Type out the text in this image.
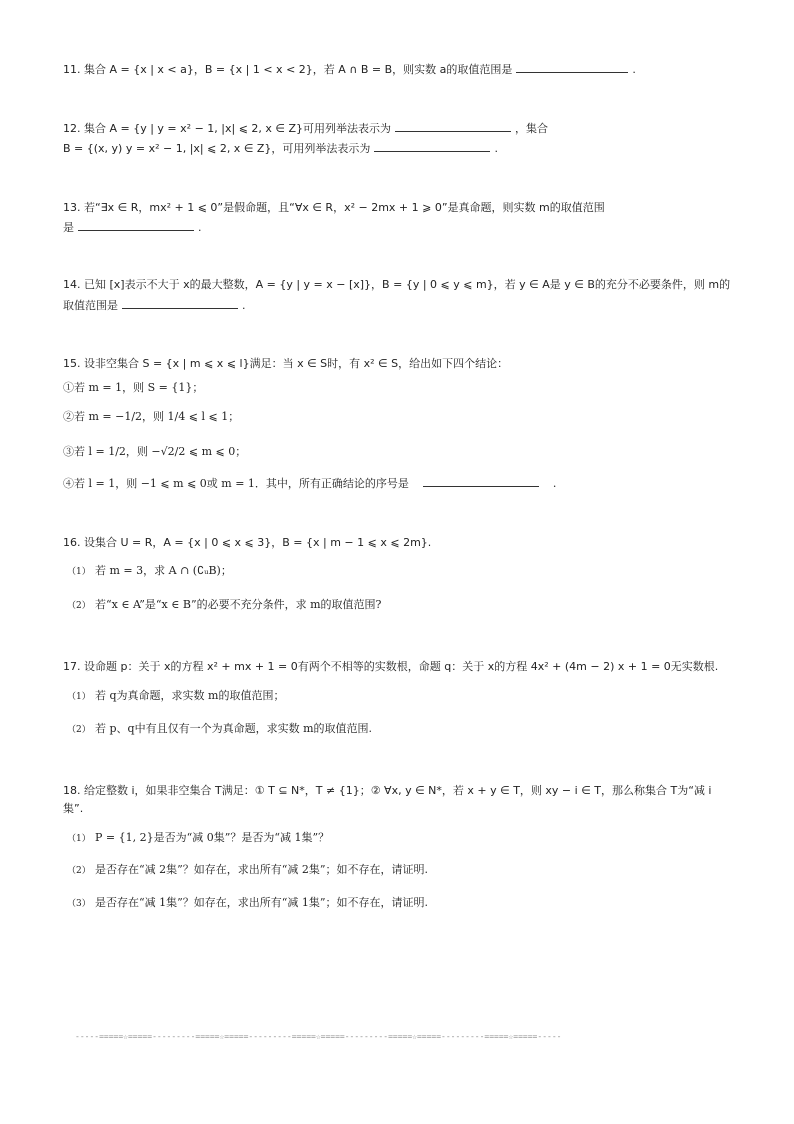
11. 集合 A = {x | x < a}，B = {x | 1 < x < 2}，若 A ∩ B = B，则实数 a的取值范围是	.
12. 集合 A = {y | y = x² − 1, |x| ⩽ 2, x ∈ Z}可用列举法表示为	，集合
B = {(x, y) y = x² − 1, |x| ⩽ 2, x ∈ Z}，可用列举法表示为	.
13. 若“∃x ∈ R，mx² + 1 ⩽ 0”是假命题，且“∀x ∈ R，x² − 2mx + 1 ⩾ 0”是真命题，则实数 m的取值范围
是	.
14. 已知 [x]表示不大于 x的最大整数，A = {y | y = x − [x]}，B = {y | 0 ⩽ y ⩽ m}，若 y ∈ A是 y ∈ B的充分不必要条件，则 m的
取值范围是	.
15. 设非空集合 S = {x | m ⩽ x ⩽ l}满足：当 x ∈ S时，有 x² ∈ S，给出如下四个结论：
①若 m = 1，则 S = {1}；
②若 m = −1/2，则 1/4 ⩽ l ⩽ 1；
③若 l = 1/2，则 −√2/2 ⩽ m ⩽ 0；
④若 l = 1，则 −1 ⩽ m ⩽ 0或 m = 1．其中，所有正确结论的序号是	.
16. 设集合 U = R，A = {x | 0 ⩽ x ⩽ 3}，B = {x | m − 1 ⩽ x ⩽ 2m}.
（1） 若 m = 3，求 A ∩ (∁ᵤB)；
（2） 若“x ∈ A”是“x ∈ B”的必要不充分条件，求 m的取值范围?
17. 设命题 p：关于 x的方程 x² + mx + 1 = 0有两个不相等的实数根，命题 q：关于 x的方程 4x² + (4m − 2) x + 1 = 0无实数根.
（1） 若 q为真命题，求实数 m的取值范围；
（2） 若 p、q中有且仅有一个为真命题，求实数 m的取值范围.
18. 给定整数 i，如果非空集合 T满足：① T ⊆ N*，T ≠ {1}；② ∀x, y ∈ N*，若 x + y ∈ T，则 xy − i ∈ T，那么称集合 T为“减 i
集”.
（1） P = {1, 2}是否为“减 0集”？是否为“减 1集”？
（2） 是否存在“减 2集”？如存在，求出所有“减 2集”；如不存在，请证明.
（3） 是否存在“减 1集”？如存在，求出所有“减 1集”；如不存在，请证明.
-----=====☆=====---------=====☆=====---------=====☆=====---------=====☆=====---------=====☆=====-----
